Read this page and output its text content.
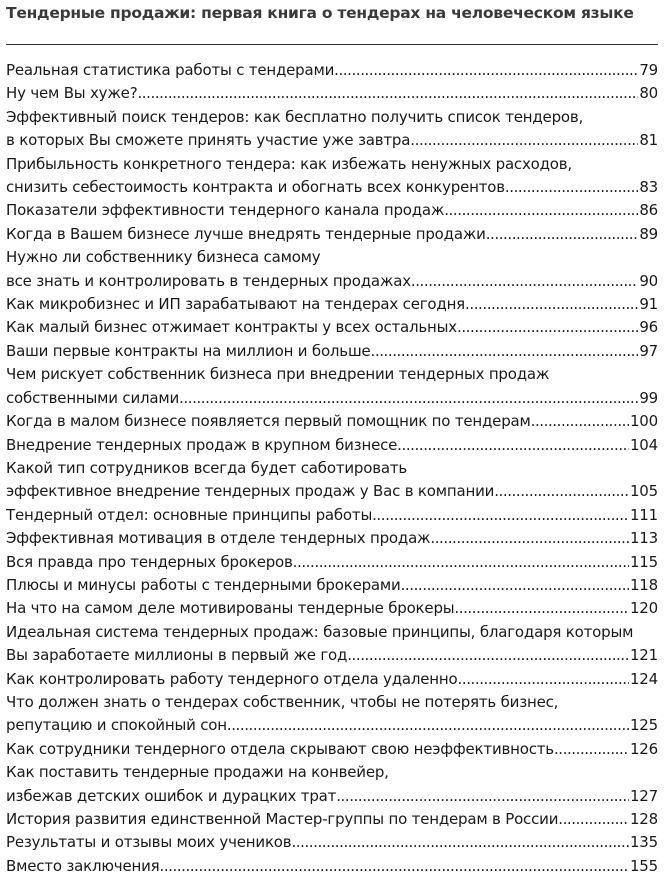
Тендерные продажи: первая книга о тендерах на человеческом языке
Реальная статистика работы с тендерами . . .	79
Ну чем Вы хуже? . . .	80
Эффективный поиск тендеров: как бесплатно получить список тендеров,
в которых Вы сможете принять участие уже завтра . . .	81
Прибыльность конкретного тендера: как избежать ненужных расходов,
снизить себестоимость контракта и обогнать всех конкурентов . . .	83
Показатели эффективности тендерного канала продаж . . .	86
Когда в Вашем бизнесе лучше внедрять тендерные продажи . . .	89
Нужно ли собственнику бизнеса самому
все знать и контролировать в тендерных продажах . . .	90
Как микробизнес и ИП зарабатывают на тендерах сегодня . . .	91
Как малый бизнес отжимает контракты у всех остальных . . .	96
Ваши первые контракты на миллион и больше . . .	97
Чем рискует собственник бизнеса при внедрении тендерных продаж
собственными силами . . .	99
Когда в малом бизнесе появляется первый помощник по тендерам . . .	100
Внедрение тендерных продаж в крупном бизнесе . . .	104
Какой тип сотрудников всегда будет саботировать
эффективное внедрение тендерных продаж у Вас в компании . . .	105
Тендерный отдел: основные принципы работы . . .	111
Эффективная мотивация в отделе тендерных продаж . . .	113
Вся правда про тендерных брокеров . . .	115
Плюсы и минусы работы с тендерными брокерами . . .	118
На что на самом деле мотивированы тендерные брокеры . . .	120
Идеальная система тендерных продаж: базовые принципы, благодаря которым
Вы заработаете миллионы в первый же год . . .	121
Как контролировать работу тендерного отдела удаленно . . .	124
Что должен знать о тендерах собственник, чтобы не потерять бизнес,
репутацию и спокойный сон . . .	125
Как сотрудники тендерного отдела скрывают свою неэффективность . . .	126
Как поставить тендерные продажи на конвейер,
избежав детских ошибок и дурацких трат . . .	127
История развития единственной Мастер-группы по тендерам в России . . .	128
Результаты и отзывы моих учеников . . .	135
Вместо заключения . . .	155
